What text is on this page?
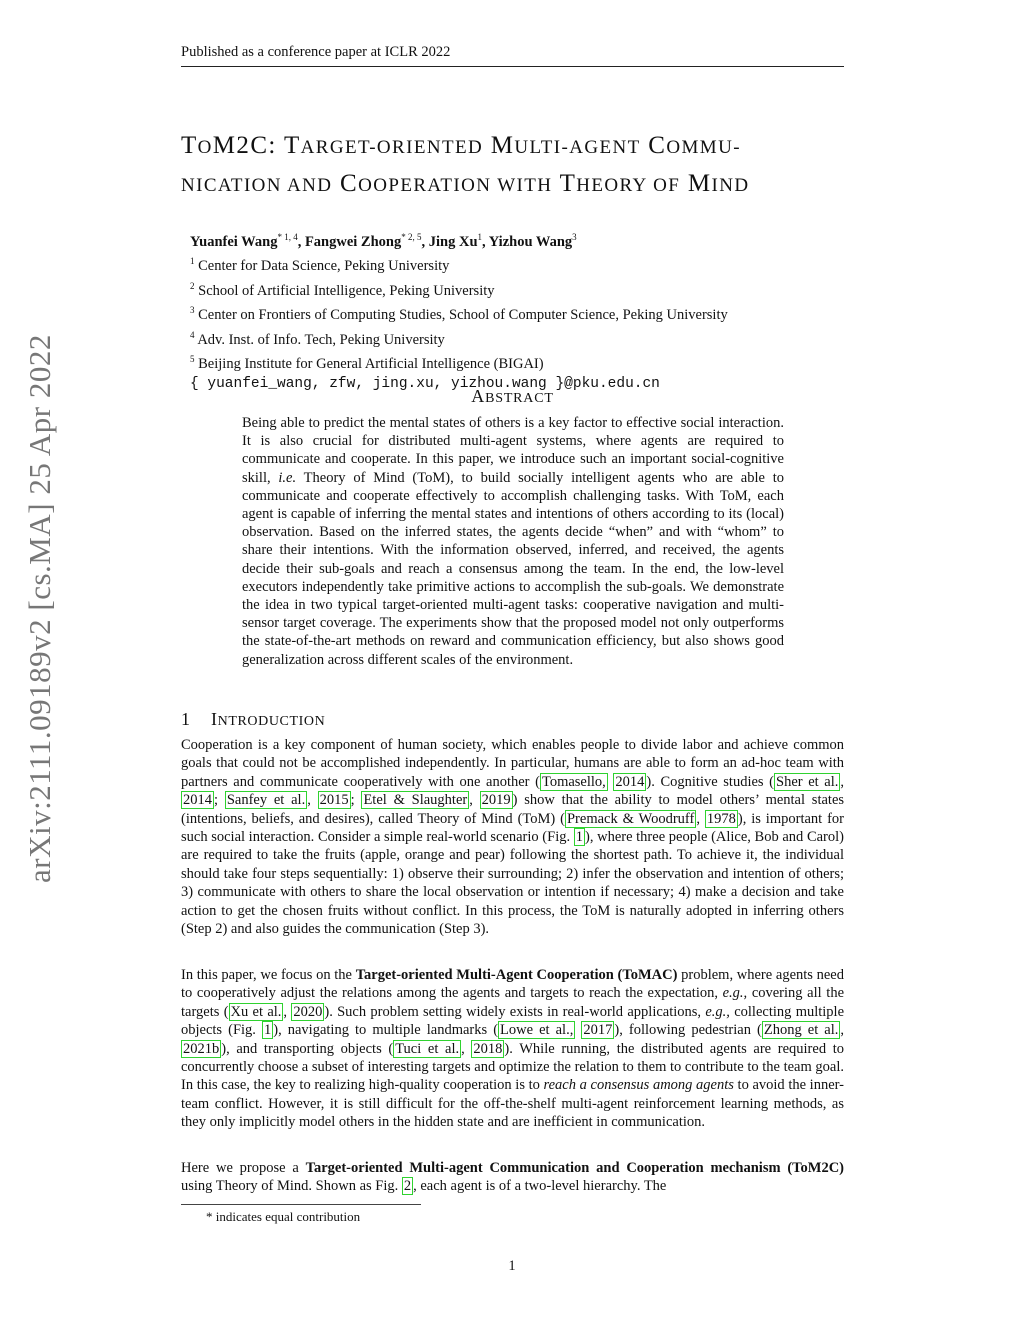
Published as a conference paper at ICLR 2022
arXiv:2111.09189v2 [cs.MA] 25 Apr 2022
TOM2C: TARGET-ORIENTED MULTI-AGENT COMMU-
NICATION AND COOPERATION WITH THEORY OF MIND
Yuanfei Wang$^{* 1, 4}$, Fangwei Zhong$^{* 2, 5}$, Jing Xu$^1$, Yizhou Wang$^3$
$^1$ Center for Data Science, Peking University
$^2$ School of Artificial Intelligence, Peking University
$^3$ Center on Frontiers of Computing Studies, School of Computer Science, Peking University
$^4$ Adv. Inst. of Info. Tech, Peking University
$^5$ Beijing Institute for General Artificial Intelligence (BIGAI)
{ yuanfei_wang, zfw, jing.xu, yizhou.wang }@pku.edu.cn
ABSTRACT
Being able to predict the mental states of others is a key factor to effective social interaction. It is also crucial for distributed multi-agent systems, where agents are required to communicate and cooperate. In this paper, we introduce such an important social-cognitive skill, i.e. Theory of Mind (ToM), to build socially intelligent agents who are able to communicate and cooperate effectively to accomplish challenging tasks. With ToM, each agent is capable of inferring the mental states and intentions of others according to its (local) observation. Based on the inferred states, the agents decide “when” and with “whom” to share their intentions. With the information observed, inferred, and received, the agents decide their sub-goals and reach a consensus among the team. In the end, the low-level executors independently take primitive actions to accomplish the sub-goals. We demonstrate the idea in two typical target-oriented multi-agent tasks: cooperative navigation and multi-sensor target coverage. The experiments show that the proposed model not only outperforms the state-of-the-art methods on reward and communication efficiency, but also shows good generalization across different scales of the environment.
1 INTRODUCTION
Cooperation is a key component of human society, which enables people to divide labor and achieve common goals that could not be accomplished independently. In particular, humans are able to form an ad-hoc team with partners and communicate cooperatively with one another ( Tomasello, 2014 ). Cognitive studies ( Sher et al. , 2014 ; Sanfey et al. , 2015 ; Etel & Slaughter , 2019 ) show that the ability to model others’ mental states (intentions, beliefs, and desires), called Theory of Mind (ToM) ( Premack & Woodruff , 1978 ), is important for such social interaction. Consider a simple real-world scenario (Fig. 1 ), where three people (Alice, Bob and Carol) are required to take the fruits (apple, orange and pear) following the shortest path. To achieve it, the individual should take four steps sequentially: 1) observe their surrounding; 2) infer the observation and intention of others; 3) communicate with others to share the local observation or intention if necessary; 4) make a decision and take action to get the chosen fruits without conflict. In this process, the ToM is naturally adopted in inferring others (Step 2) and also guides the communication (Step 3).
In this paper, we focus on the Target-oriented Multi-Agent Cooperation (ToMAC) problem, where agents need to cooperatively adjust the relations among the agents and targets to reach the expectation, e.g., covering all the targets ( Xu et al. , 2020 ). Such problem setting widely exists in real-world applications, e.g., collecting multiple objects (Fig. 1 ), navigating to multiple landmarks ( Lowe et al., 2017 ), following pedestrian ( Zhong et al. , 2021b ), and transporting objects ( Tuci et al. , 2018 ). While running, the distributed agents are required to concurrently choose a subset of interesting targets and optimize the relation to them to contribute to the team goal. In this case, the key to realizing high-quality cooperation is to reach a consensus among agents to avoid the inner-team conflict. However, it is still difficult for the off-the-shelf multi-agent reinforcement learning methods, as they only implicitly model others in the hidden state and are inefficient in communication.
Here we propose a Target-oriented Multi-agent Communication and Cooperation mechanism (ToM2C) using Theory of Mind. Shown as Fig. 2 , each agent is of a two-level hierarchy. The
* indicates equal contribution
1
